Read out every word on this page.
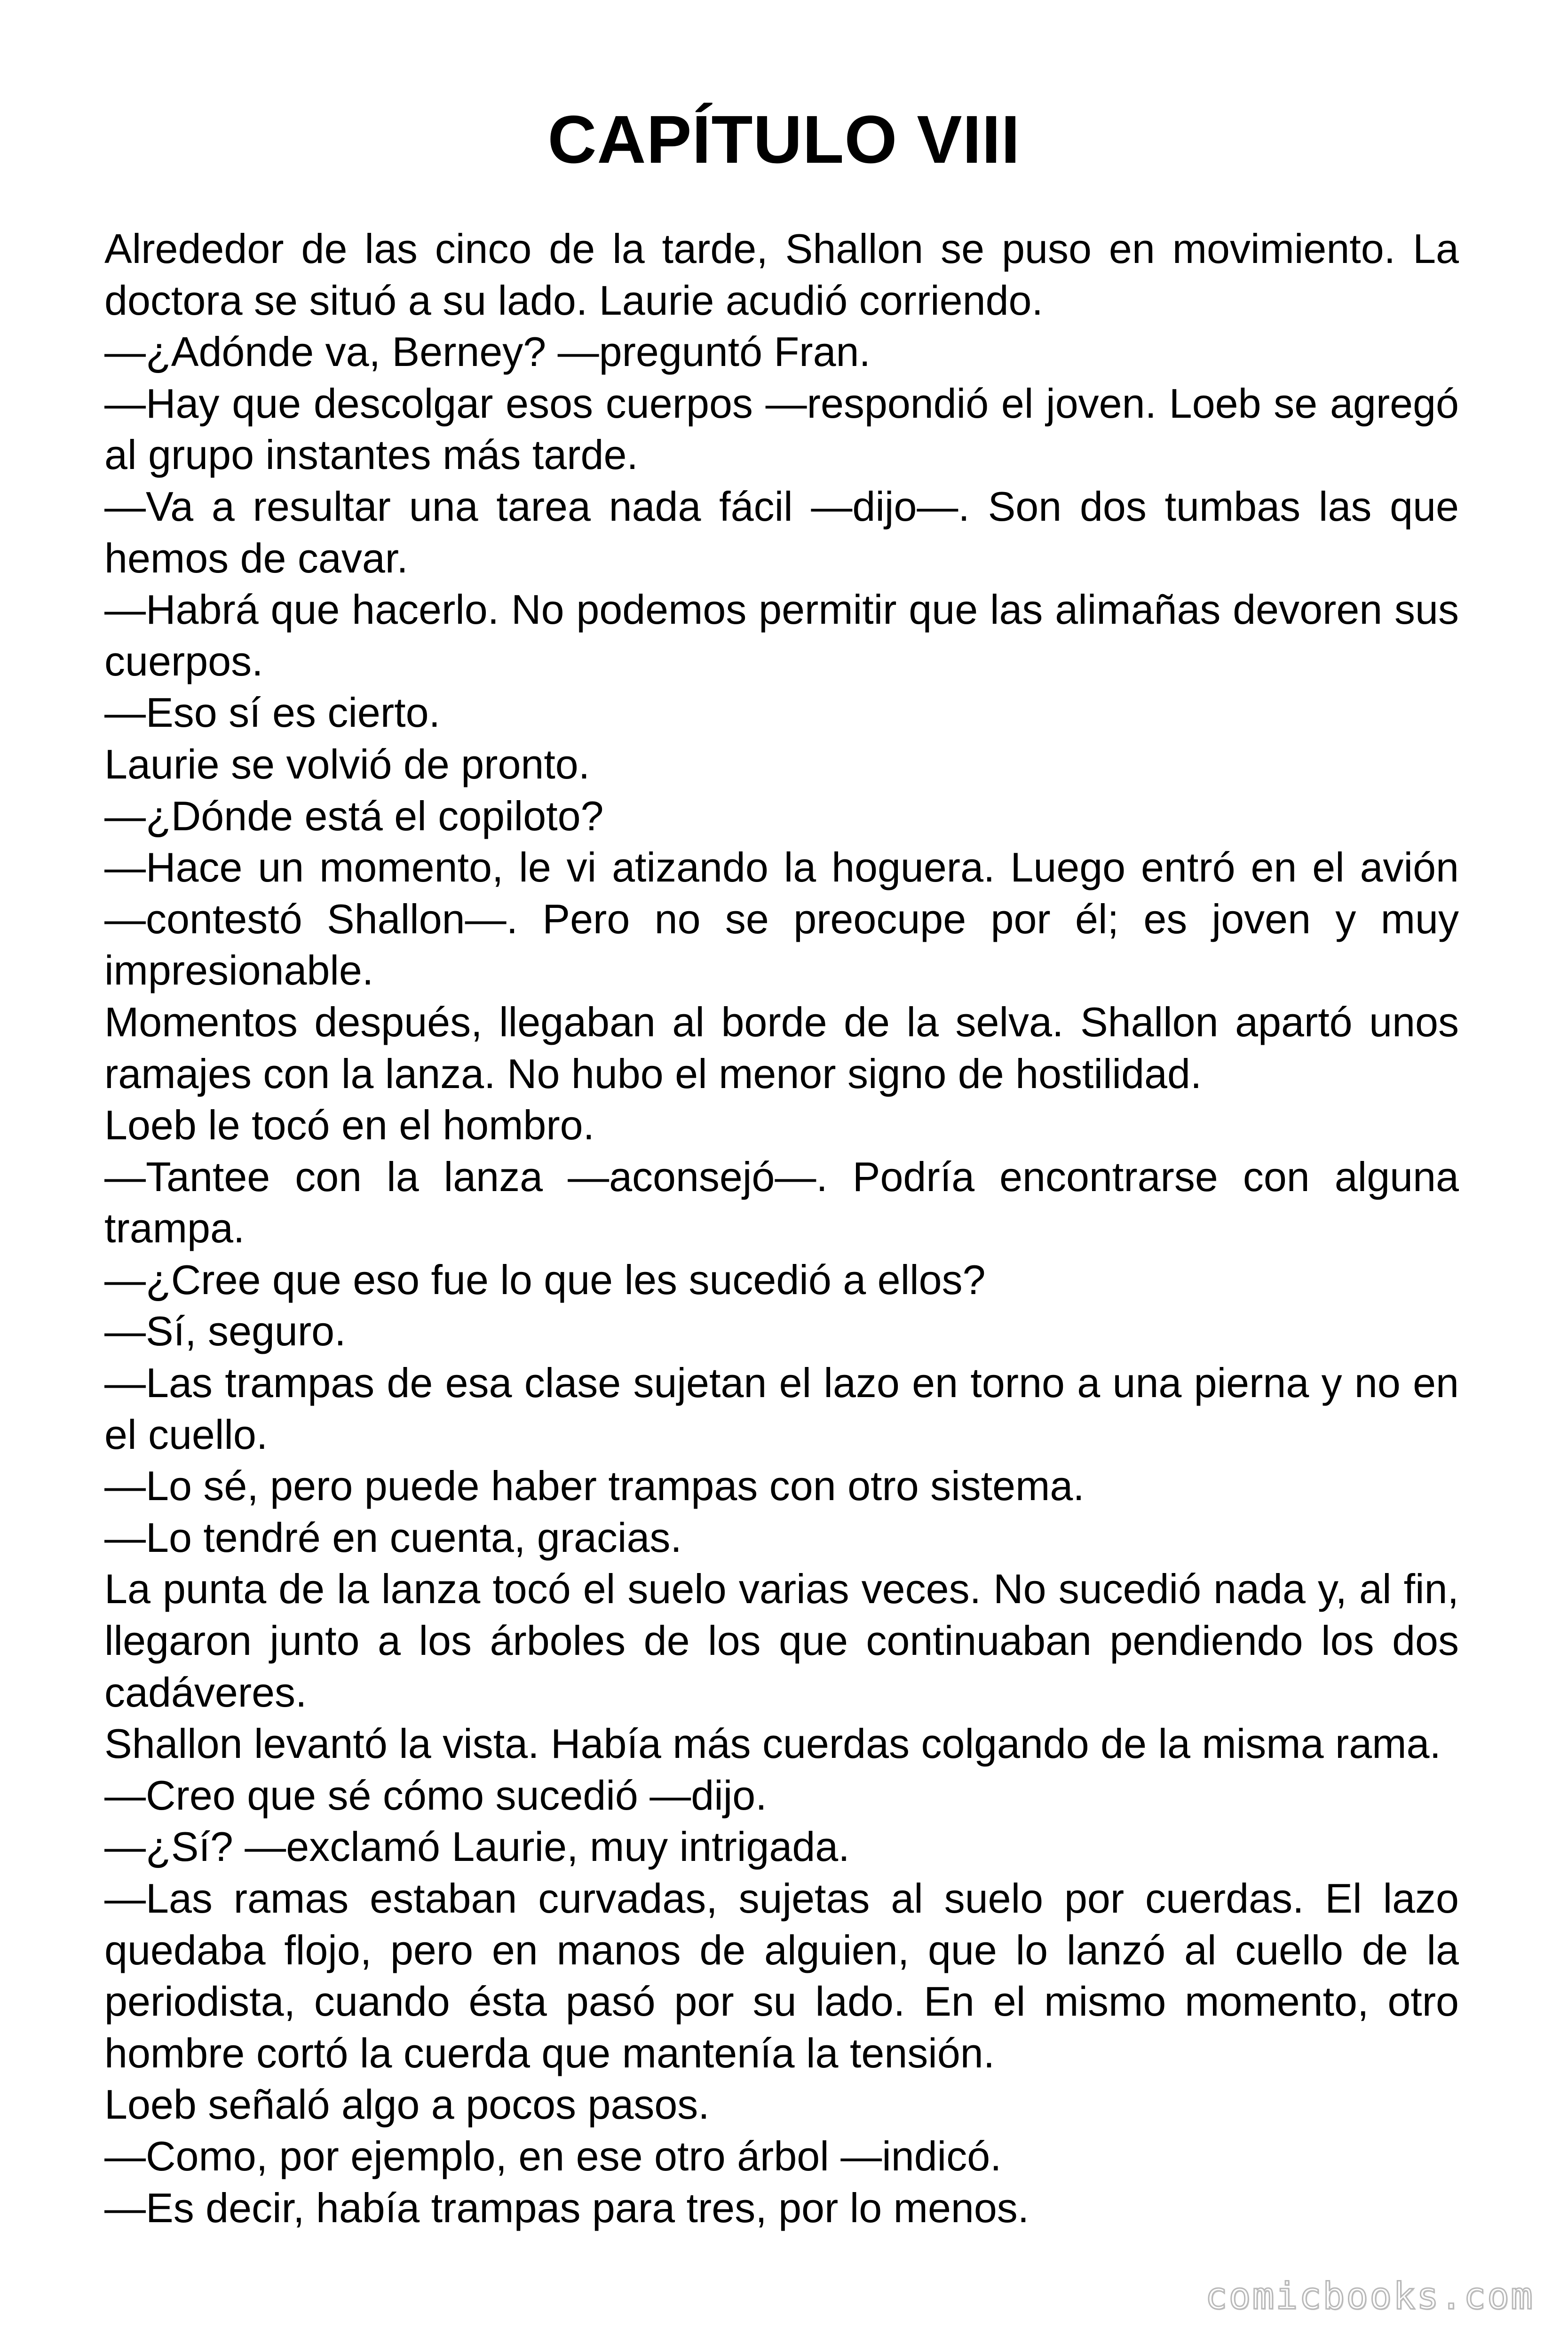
CAPÍTULO VIII

Alrededor de las cinco de la tarde, Shallon se puso en movimiento. La doctora se situó a su lado. Laurie acudió corriendo.

—¿Adónde va, Berney? —preguntó Fran.

—Hay que descolgar esos cuerpos —respondió el joven. Loeb se agregó al grupo instantes más tarde.

—Va a resultar una tarea nada fácil —dijo—. Son dos tumbas las que hemos de cavar.

—Habrá que hacerlo. No podemos permitir que las alimañas devoren sus cuerpos.

—Eso sí es cierto.

Laurie se volvió de pronto.

—¿Dónde está el copiloto?

—Hace un momento, le vi atizando la hoguera. Luego entró en el avión —contestó Shallon—. Pero no se preocupe por él; es joven y muy impresionable.

Momentos después, llegaban al borde de la selva. Shallon apartó unos ramajes con la lanza. No hubo el menor signo de hostilidad.

Loeb le tocó en el hombro.

—Tantee con la lanza —aconsejó—. Podría encontrarse con alguna trampa.

—¿Cree que eso fue lo que les sucedió a ellos?

—Sí, seguro.

—Las trampas de esa clase sujetan el lazo en torno a una pierna y no en el cuello.

—Lo sé, pero puede haber trampas con otro sistema.

—Lo tendré en cuenta, gracias.

La punta de la lanza tocó el suelo varias veces. No sucedió nada y, al fin, llegaron junto a los árboles de los que continuaban pendiendo los dos cadáveres.

Shallon levantó la vista. Había más cuerdas colgando de la misma rama.

—Creo que sé cómo sucedió —dijo.

—¿Sí? —exclamó Laurie, muy intrigada.

—Las ramas estaban curvadas, sujetas al suelo por cuerdas. El lazo quedaba flojo, pero en manos de alguien, que lo lanzó al cuello de la periodista, cuando ésta pasó por su lado. En el mismo momento, otro hombre cortó la cuerda que mantenía la tensión.

Loeb señaló algo a pocos pasos.

—Como, por ejemplo, en ese otro árbol —indicó.

—Es decir, había trampas para tres, por lo menos.

comicbooks.com
